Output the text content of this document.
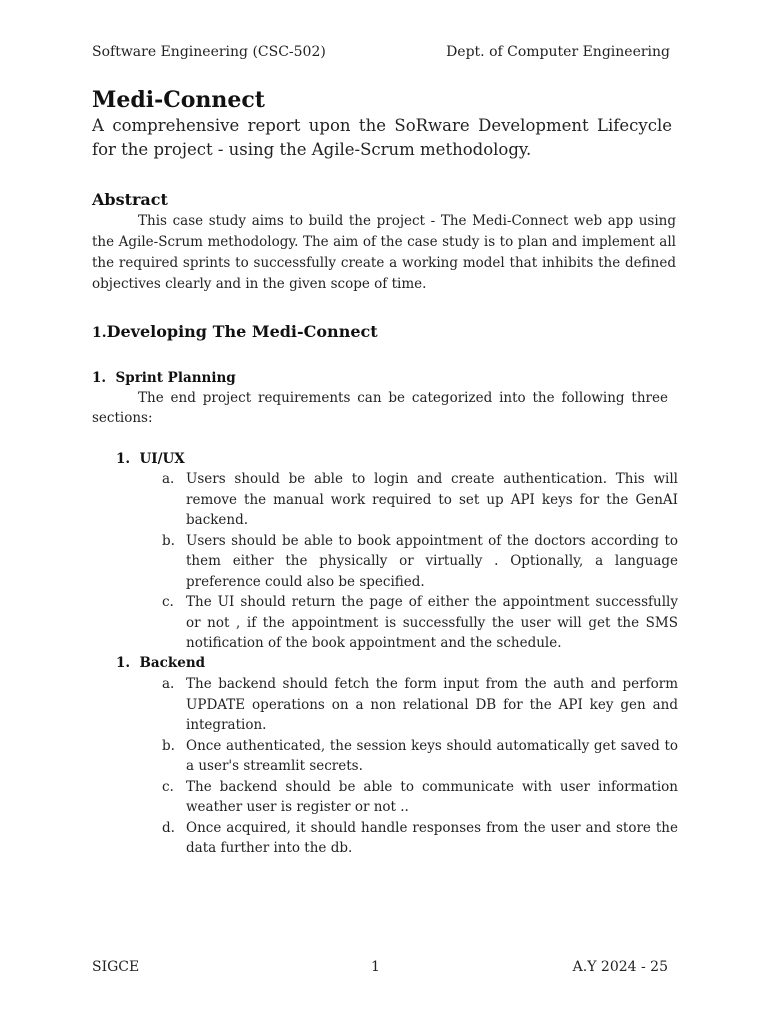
Software Engineering (CSC-502)	Dept. of Computer Engineering
Medi-Connect

A comprehensive report upon the SoRware Development Lifecycle for the project - using the Agile-Scrum methodology.

Abstract

This case study aims to build the project - The Medi-Connect web app using the Agile-Scrum methodology. The aim of the case study is to plan and implement all the required sprints to successfully create a working model that inhibits the defined objectives clearly and in the given scope of time.

1.Developing The Medi-Connect
1. Sprint Planning

The end project requirements can be categorized into the following three sections:

1. UI/UX
a. Users should be able to login and create authentication. This will remove the manual work required to set up API keys for the GenAI backend.
b. Users should be able to book appointment of the doctors according to them either the physically or virtually . Optionally, a language preference could also be specified.
c. The UI should return the page of either the appointment successfully or not , if the appointment is successfully the user will get the SMS notification of the book appointment and the schedule.
1. Backend
a. The backend should fetch the form input from the auth and perform UPDATE operations on a non relational DB for the API key gen and integration.
b. Once authenticated, the session keys should automatically get saved to a user's streamlit secrets.
c. The backend should be able to communicate with user information weather user is register or not ..
d. Once acquired, it should handle responses from the user and store the data further into the db.
SIGCE	1	A.Y 2024 - 25
